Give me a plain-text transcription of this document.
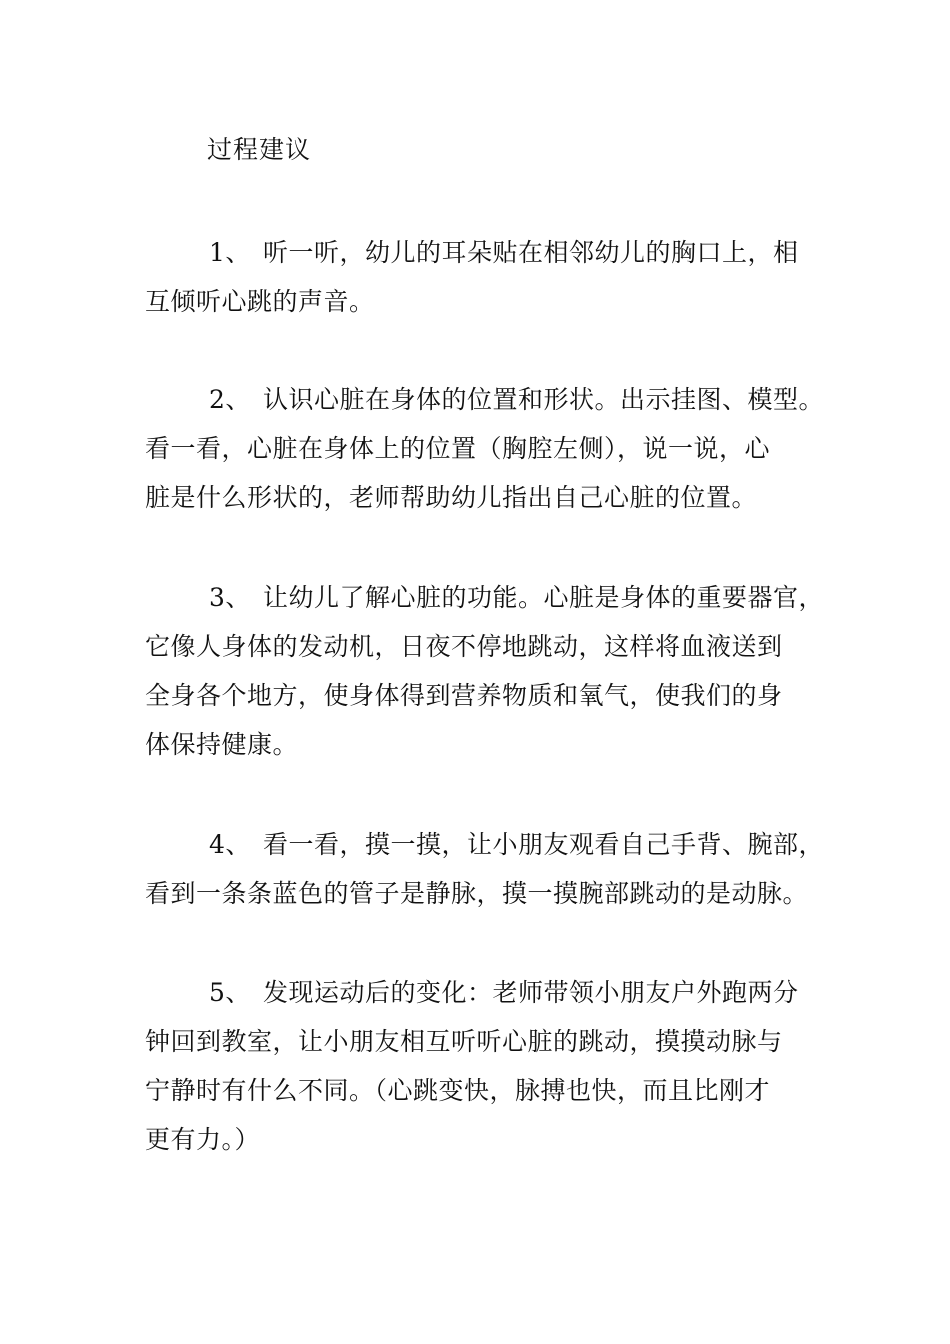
过程建议
1、 听一听，幼儿的耳朵贴在相邻幼儿的胸口上，相
互倾听心跳的声音。
2、 认识心脏在身体的位置和形状。出示挂图、模型。
看一看，心脏在身体上的位置（胸腔左侧），说一说，心
脏是什么形状的，老师帮助幼儿指出自己心脏的位置。
3、 让幼儿了解心脏的功能。心脏是身体的重要器官，
它像人身体的发动机，日夜不停地跳动，这样将血液送到
全身各个地方，使身体得到营养物质和氧气，使我们的身
体保持健康。
4、 看一看，摸一摸，让小朋友观看自己手背、腕部，
看到一条条蓝色的管子是静脉，摸一摸腕部跳动的是动脉。
5、 发现运动后的变化：老师带领小朋友户外跑两分
钟回到教室，让小朋友相互听听心脏的跳动，摸摸动脉与
宁静时有什么不同。（心跳变快，脉搏也快，而且比刚才
更有力。）
